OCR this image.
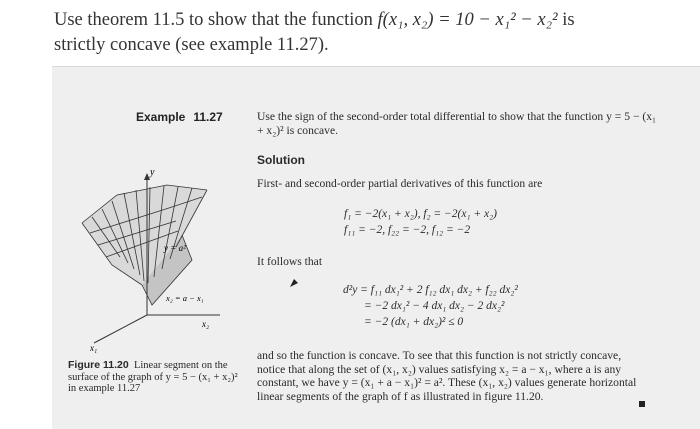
Use theorem 11.5 to show that the function f(x₁, x₂) = 10 − x₁² − x₂² is
strictly concave (see example 11.27).
Example 11.27	Use the sign of the second-order total differential to show that the function y = 5 − (x₁ + x₂)² is concave.
Solution
First- and second-order partial derivatives of this function are
f₁ = −2(x₁ + x₂), f₂ = −2(x₁ + x₂)
f₁₁ = −2, f₂₂ = −2, f₁₂ = −2
It follows that
d²y = f₁₁ dx₁² + 2 f₁₂ dx₁ dx₂ + f₂₂ dx₂²
= −2 dx₁² − 4 dx₁ dx₂ − 2 dx₂²
= −2 (dx₁ + dx₂)² ≤ 0
and so the function is concave. To see that this function is not strictly concave, notice that along the set of (x₁, x₂) values satisfying x₂ = a − x₁, where a is any constant, we have y = (x₁ + a − x₁)² = a². These (x₁, x₂) values generate horizontal linear segments of the graph of f as illustrated in figure 11.20.
y
y = a²
x₂ = a − x₁
x₂
x₁
Figure 11.20 Linear segment on the surface of the graph of y = 5 − (x₁ + x₂)² in example 11.27
